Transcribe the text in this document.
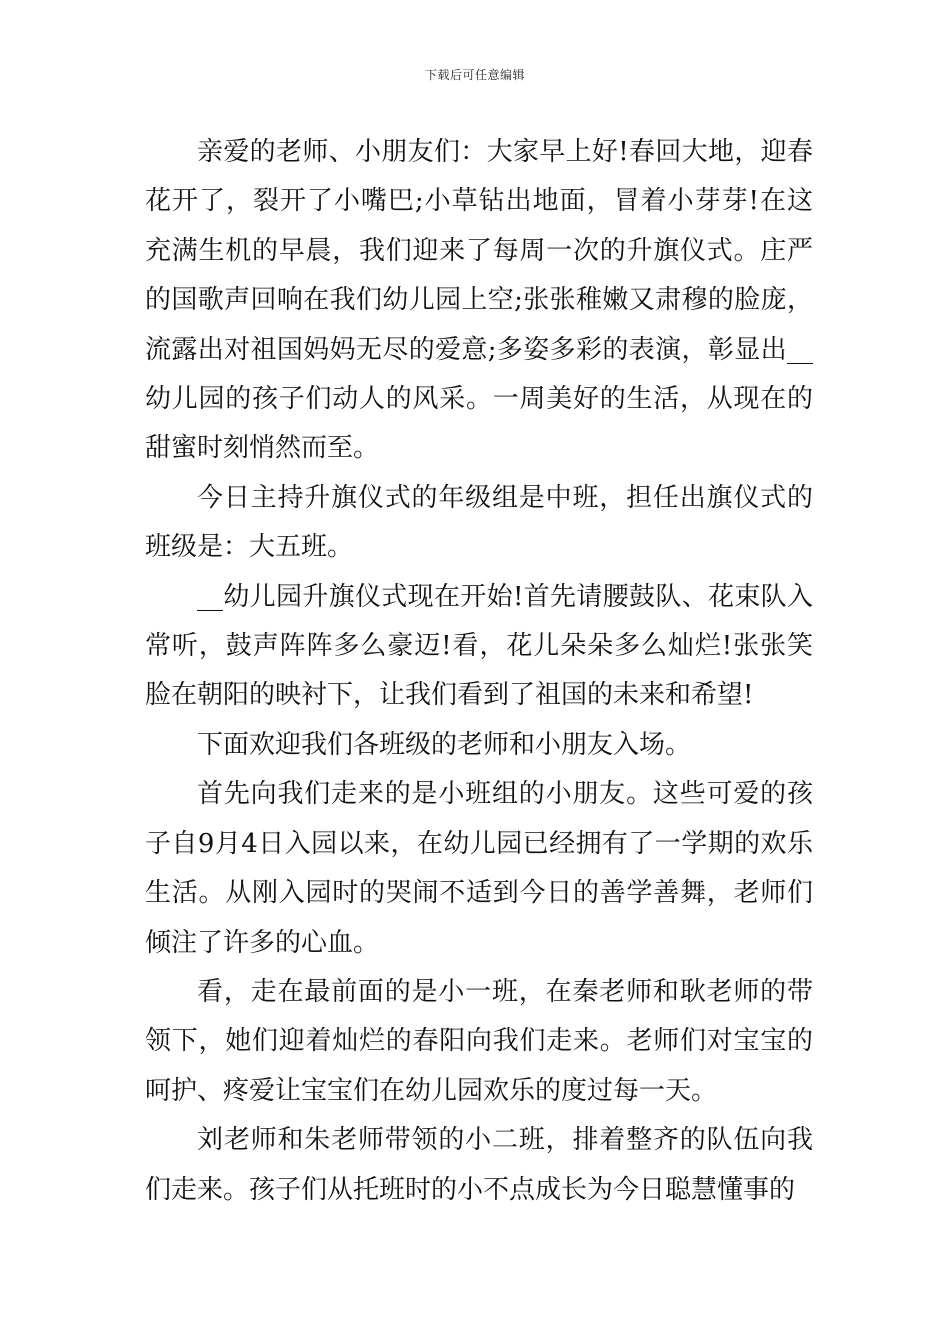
下载后可任意编辑

亲爱的老师、小朋友们：大家早上好!春回大地，迎春花开了，裂开了小嘴巴;小草钻出地面，冒着小芽芽!在这充满生机的早晨，我们迎来了每周一次的升旗仪式。庄严的国歌声回响在我们幼儿园上空;张张稚嫩又肃穆的脸庞，流露出对祖国妈妈无尽的爱意;多姿多彩的表演，彰显出__幼儿园的孩子们动人的风采。一周美好的生活，从现在的甜蜜时刻悄然而至。

今日主持升旗仪式的年级组是中班，担任出旗仪式的班级是：大五班。

__幼儿园升旗仪式现在开始!首先请腰鼓队、花束队入常听，鼓声阵阵多么豪迈!看，花儿朵朵多么灿烂!张张笑脸在朝阳的映衬下，让我们看到了祖国的未来和希望!

下面欢迎我们各班级的老师和小朋友入场。

首先向我们走来的是小班组的小朋友。这些可爱的孩子自9月4日入园以来，在幼儿园已经拥有了一学期的欢乐生活。从刚入园时的哭闹不适到今日的善学善舞，老师们倾注了许多的心血。

看，走在最前面的是小一班，在秦老师和耿老师的带领下，她们迎着灿烂的春阳向我们走来。老师们对宝宝的呵护、疼爱让宝宝们在幼儿园欢乐的度过每一天。

刘老师和朱老师带领的小二班，排着整齐的队伍向我们走来。孩子们从托班时的小不点成长为今日聪慧懂事的
